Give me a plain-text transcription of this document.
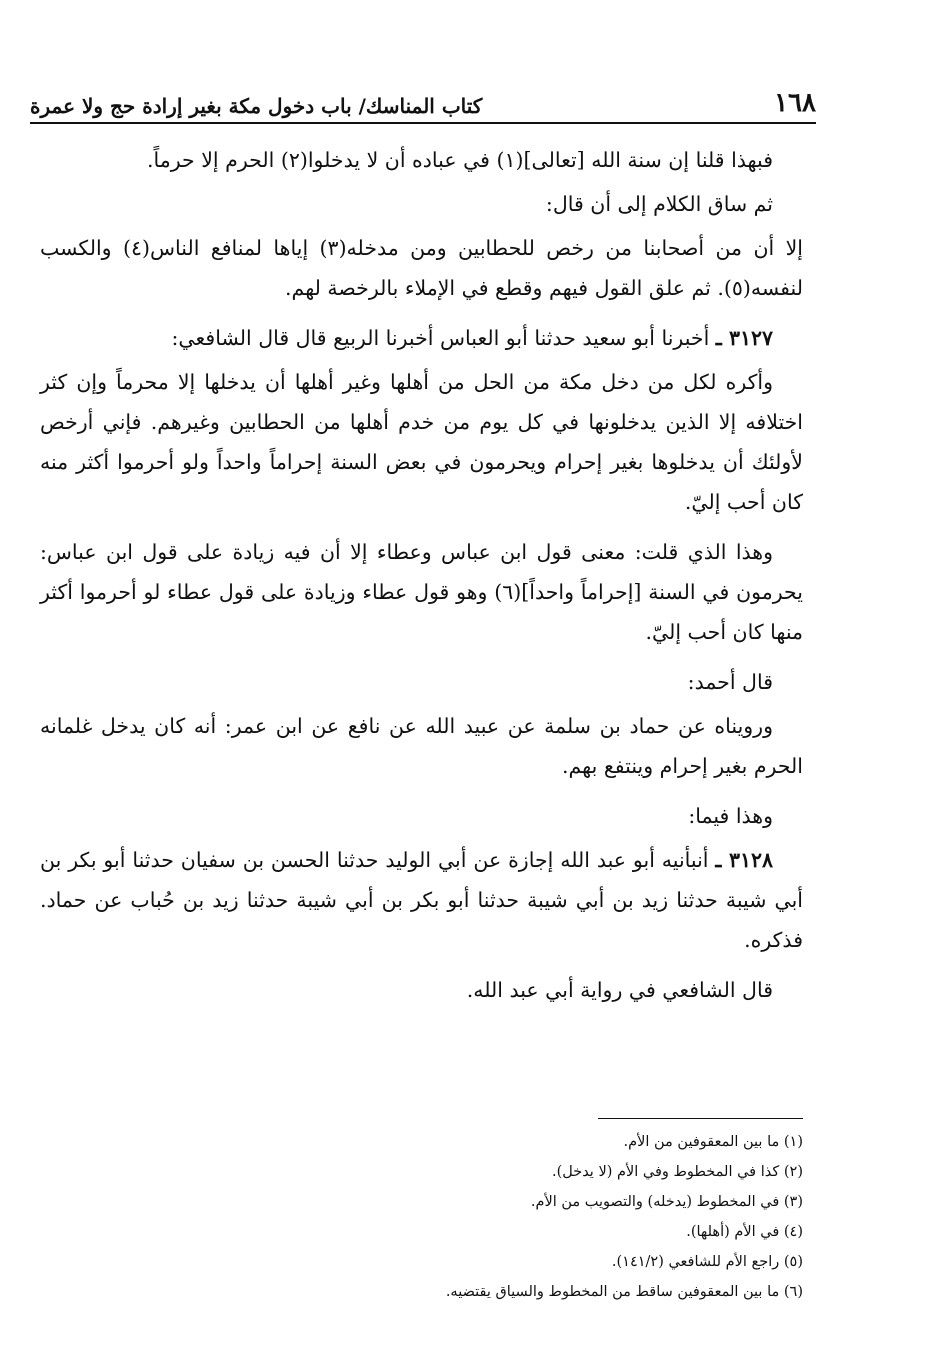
١٦٨
كتاب المناسك/ باب دخول مكة بغير إرادة حج ولا عمرة

فبهذا قلنا إن سنة الله [تعالى](١) في عباده أن لا يدخلوا(٢) الحرم إلا حرماً.

ثم ساق الكلام إلى أن قال:

إلا أن من أصحابنا من رخص للحطابين ومن مدخله(٣) إياها لمنافع الناس(٤) والكسب لنفسه(٥). ثم علق القول فيهم وقطع في الإملاء بالرخصة لهم.

٣١٢٧ ـ أخبرنا أبو سعيد حدثنا أبو العباس أخبرنا الربيع قال قال الشافعي:

وأكره لكل من دخل مكة من الحل من أهلها وغير أهلها أن يدخلها إلا محرماً وإن كثر اختلافه إلا الذين يدخلونها في كل يوم من خدم أهلها من الحطابين وغيرهم. فإني أرخص لأولئك أن يدخلوها بغير إحرام ويحرمون في بعض السنة إحراماً واحداً ولو أحرموا أكثر منه كان أحب إليّ.

وهذا الذي قلت: معنى قول ابن عباس وعطاء إلا أن فيه زيادة على قول ابن عباس: يحرمون في السنة [إحراماً واحداً](٦) وهو قول عطاء وزيادة على قول عطاء لو أحرموا أكثر منها كان أحب إليّ.

قال أحمد:

ورويناه عن حماد بن سلمة عن عبيد الله عن نافع عن ابن عمر: أنه كان يدخل غلمانه الحرم بغير إحرام وينتفع بهم.

وهذا فيما:

٣١٢٨ ـ أنبأنيه أبو عبد الله إجازة عن أبي الوليد حدثنا الحسن بن سفيان حدثنا أبو بكر بن أبي شيبة حدثنا زيد بن أبي شيبة حدثنا أبو بكر بن أبي شيبة حدثنا زيد بن حُباب عن حماد. فذكره.

قال الشافعي في رواية أبي عبد الله.

(١) ما بين المعقوفين من الأم.
(٢) كذا في المخطوط وفي الأم (لا يدخل).
(٣) في المخطوط (يدخله) والتصويب من الأم.
(٤) في الأم (أهلها).
(٥) راجع الأم للشافعي (١٤١/٢).
(٦) ما بين المعقوفين ساقط من المخطوط والسياق يقتضيه.
